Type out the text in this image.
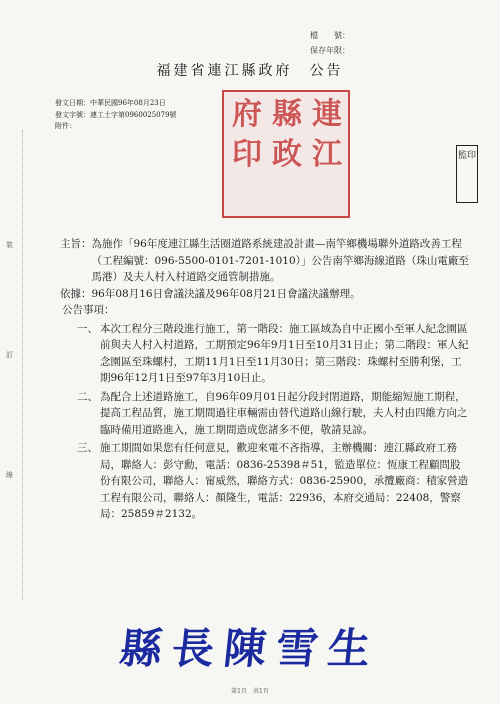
檔　　號：
保存年限：
福建省連江縣政府　公告
發文日期：中華民國96年08月23日
發文字號：連工土字第0960025079號
附件：	連
江
縣
政
府
印	監印
裝
訂
線
主旨： 為施作「96年度連江縣生活圈道路系統建設計畫—南竿鄉機場聯外道路改善工程（工程編號：096-5500-0101-7201-1010）」公告南竿鄉海線道路（珠山電廠至馬港）及夫人村入村道路交通管制措施。
依據： 96年08月16日會議決議及96年08月21日會議決議辦理。
公告事項：
一、 本次工程分三階段進行施工，第一階段：施工區域為自中正國小至軍人紀念園區前與夫人村入村道路，工期預定96年9月1日至10月31日止；第二階段：軍人紀念園區至珠螺村，工期11月1日至11月30日；第三階段：珠螺村至勝利堡，工期96年12月1日至97年3月10日止。
二、 為配合上述道路施工，自96年09月01日起分段封閉道路，期能縮短施工期程，提高工程品質，施工期間過往車輛需由替代道路山線行駛，夫人村由四維方向之臨時備用道路進入，施工期間造成您諸多不便，敬請見諒。
三、 施工期間如果您有任何意見，歡迎來電不吝指導，主辦機關：連江縣政府工務局，聯絡人：彭守勳，電話：0836-25398＃51，監造單位：恆康工程顧問股份有限公司，聯絡人：甯威然，聯絡方式：0836-25900，承攬廠商：積家營造工程有限公司，聯絡人：顏隆生，電話：22936，本府交通局：22408，警察局：25859＃2132。
縣長陳雪生
第1頁　共1頁
